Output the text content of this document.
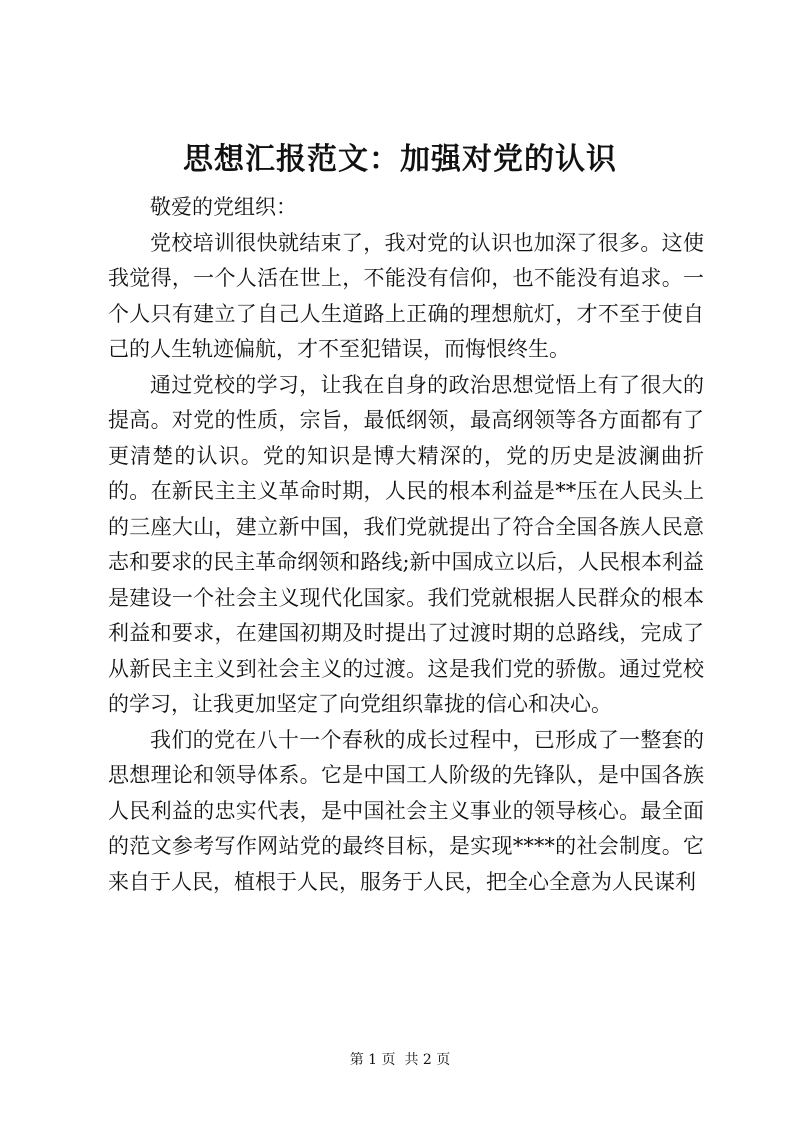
思想汇报范文：加强对党的认识

敬爱的党组织：

党校培训很快就结束了，我对党的认识也加深了很多。这使我觉得，一个人活在世上，不能没有信仰，也不能没有追求。一个人只有建立了自己人生道路上正确的理想航灯，才不至于使自己的人生轨迹偏航，才不至犯错误，而悔恨终生。

通过党校的学习，让我在自身的政治思想觉悟上有了很大的提高。对党的性质，宗旨，最低纲领，最高纲领等各方面都有了更清楚的认识。党的知识是博大精深的，党的历史是波澜曲折的。在新民主主义革命时期，人民的根本利益是**压在人民头上的三座大山，建立新中国，我们党就提出了符合全国各族人民意志和要求的民主革命纲领和路线;新中国成立以后，人民根本利益是建设一个社会主义现代化国家。我们党就根据人民群众的根本利益和要求，在建国初期及时提出了过渡时期的总路线，完成了从新民主主义到社会主义的过渡。这是我们党的骄傲。通过党校的学习，让我更加坚定了向党组织靠拢的信心和决心。

我们的党在八十一个春秋的成长过程中，已形成了一整套的思想理论和领导体系。它是中国工人阶级的先锋队，是中国各族人民利益的忠实代表，是中国社会主义事业的领导核心。最全面的范文参考写作网站党的最终目标，是实现****的社会制度。它来自于人民，植根于人民，服务于人民，把全心全意为人民谋利

第 1 页  共 2 页
